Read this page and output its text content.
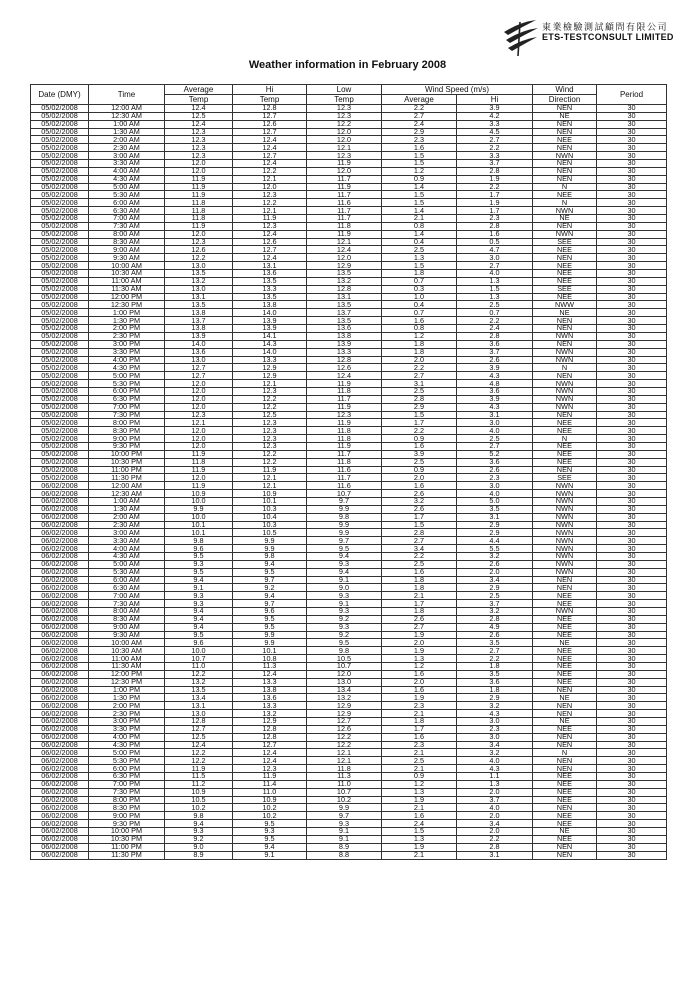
東業檢驗測試顧問有限公司
ETS-TESTCONSULT LIMITED
Weather information in February 2008
Date (DMY)	Time	Average	Hi	Low	Wind Speed (m/s)		Wind	Period
		Temp	Temp	Temp	Average	Hi	Direction	
05/02/2008	12:00 AM	12.4	12.8	12.3	2.2	3.9	NEN	30
05/02/2008	12:30 AM	12.5	12.7	12.3	2.7	4.2	NE	30
05/02/2008	1:00 AM	12.4	12.6	12.2	2.4	3.3	NEN	30
05/02/2008	1:30 AM	12.3	12.7	12.0	2.9	4.5	NEN	30
05/02/2008	2:00 AM	12.3	12.4	12.0	2.3	2.7	NEE	30
05/02/2008	2:30 AM	12.3	12.4	12.1	1.6	2.2	NEN	30
05/02/2008	3:00 AM	12.3	12.7	12.3	1.5	3.3	NWN	30
05/02/2008	3:30 AM	12.0	12.4	11.9	1.5	3.7	NEN	30
05/02/2008	4:00 AM	12.0	12.2	12.0	1.2	2.8	NEN	30
05/02/2008	4:30 AM	11.9	12.1	11.7	0.9	1.9	NEN	30
05/02/2008	5:00 AM	11.9	12.0	11.9	1.4	2.2	N	30
05/02/2008	5:30 AM	11.9	12.3	11.7	1.5	1.7	NEE	30
05/02/2008	6:00 AM	11.8	12.2	11.6	1.5	1.9	N	30
05/02/2008	6:30 AM	11.8	12.1	11.7	1.4	1.7	NWN	30
05/02/2008	7:00 AM	11.8	11.9	11.7	2.1	2.3	NE	30
05/02/2008	7:30 AM	11.9	12.3	11.8	0.8	2.8	NEN	30
05/02/2008	8:00 AM	12.0	12.4	11.9	1.4	1.6	NWN	30
05/02/2008	8:30 AM	12.3	12.6	12.1	0.4	0.5	SEE	30
05/02/2008	9:00 AM	12.6	12.7	12.4	2.5	4.7	NEE	30
05/02/2008	9:30 AM	12.2	12.4	12.0	1.3	3.0	NEN	30
05/02/2008	10:00 AM	13.0	13.1	12.9	1.5	2.7	NEE	30
05/02/2008	10:30 AM	13.5	13.6	13.5	1.8	4.0	NEE	30
05/02/2008	11:00 AM	13.2	13.5	13.2	0.7	1.3	NEE	30
05/02/2008	11:30 AM	13.0	13.3	12.8	0.3	1.5	SEE	30
05/02/2008	12:00 PM	13.1	13.5	13.1	1.0	1.3	NEE	30
05/02/2008	12:30 PM	13.5	13.8	13.5	0.4	2.5	NWW	30
05/02/2008	1:00 PM	13.8	14.0	13.7	0.7	0.7	NE	30
05/02/2008	1:30 PM	13.7	13.9	13.5	1.6	2.2	NEN	30
05/02/2008	2:00 PM	13.8	13.9	13.6	0.8	2.4	NEN	30
05/02/2008	2:30 PM	13.9	14.1	13.8	1.2	2.8	NWN	30
05/02/2008	3:00 PM	14.0	14.3	13.9	1.8	3.6	NEN	30
05/02/2008	3:30 PM	13.6	14.0	13.3	1.8	3.7	NWN	30
05/02/2008	4:00 PM	13.0	13.3	12.8	2.0	2.6	NWN	30
05/02/2008	4:30 PM	12.7	12.9	12.6	2.2	3.9	N	30
05/02/2008	5:00 PM	12.7	12.9	12.4	2.7	4.3	NEN	30
05/02/2008	5:30 PM	12.0	12.1	11.9	3.1	4.8	NWN	30
05/02/2008	6:00 PM	12.0	12.3	11.8	2.5	3.6	NWN	30
05/02/2008	6:30 PM	12.0	12.2	11.7	2.8	3.9	NWN	30
05/02/2008	7:00 PM	12.0	12.2	11.9	2.9	4.3	NWN	30
05/02/2008	7:30 PM	12.3	12.5	12.3	1.5	3.1	NEN	30
05/02/2008	8:00 PM	12.1	12.3	11.9	1.7	3.0	NEE	30
05/02/2008	8:30 PM	12.0	12.3	11.8	2.2	4.0	NEE	30
05/02/2008	9:00 PM	12.0	12.3	11.8	0.9	2.5	N	30
05/02/2008	9:30 PM	12.0	12.3	11.9	1.6	2.7	NEE	30
05/02/2008	10:00 PM	11.9	12.2	11.7	3.9	5.2	NEE	30
05/02/2008	10:30 PM	11.8	12.2	11.8	2.5	3.6	NEE	30
05/02/2008	11:00 PM	11.9	11.9	11.6	0.9	2.6	NEN	30
05/02/2008	11:30 PM	12.0	12.1	11.7	2.0	2.3	SEE	30
06/02/2008	12:00 AM	11.9	12.1	11.6	1.6	3.0	NWN	30
06/02/2008	12:30 AM	10.9	10.9	10.7	2.6	4.0	NWN	30
06/02/2008	1:00 AM	10.0	10.1	9.7	3.2	5.0	NWN	30
06/02/2008	1:30 AM	9.9	10.3	9.9	2.6	3.5	NWN	30
06/02/2008	2:00 AM	10.0	10.4	9.8	1.7	3.1	NWN	30
06/02/2008	2:30 AM	10.1	10.3	9.9	1.5	2.9	NWN	30
06/02/2008	3:00 AM	10.1	10.5	9.9	2.8	2.9	NWN	30
06/02/2008	3:30 AM	9.8	9.9	9.7	2.7	4.4	NWN	30
06/02/2008	4:00 AM	9.6	9.9	9.5	3.4	5.5	NWN	30
06/02/2008	4:30 AM	9.5	9.8	9.4	2.2	3.2	NWN	30
06/02/2008	5:00 AM	9.3	9.4	9.3	2.5	2.6	NWN	30
06/02/2008	5:30 AM	9.5	9.5	9.4	1.6	2.0	NWN	30
06/02/2008	6:00 AM	9.4	9.7	9.1	1.8	3.4	NEN	30
06/02/2008	6:30 AM	9.1	9.2	9.0	1.8	2.9	NEN	30
06/02/2008	7:00 AM	9.3	9.4	9.3	2.1	2.5	NEE	30
06/02/2008	7:30 AM	9.3	9.7	9.1	1.7	3.7	NEE	30
06/02/2008	8:00 AM	9.4	9.6	9.3	1.8	3.2	NWN	30
06/02/2008	8:30 AM	9.4	9.5	9.2	2.6	2.8	NEE	30
06/02/2008	9:00 AM	9.4	9.5	9.3	2.7	4.9	NEE	30
06/02/2008	9:30 AM	9.5	9.9	9.2	1.9	2.6	NEE	30
06/02/2008	10:00 AM	9.6	9.9	9.5	2.0	3.5	NE	30
06/02/2008	10:30 AM	10.0	10.1	9.8	1.9	2.7	NEE	30
06/02/2008	11:00 AM	10.7	10.8	10.5	1.3	2.2	NEE	30
06/02/2008	11:30 AM	11.0	11.3	10.7	1.2	1.8	NEE	30
06/02/2008	12:00 PM	12.2	12.4	12.0	1.6	3.5	NEE	30
06/02/2008	12:30 PM	13.2	13.3	13.0	2.0	3.6	NEE	30
06/02/2008	1:00 PM	13.5	13.8	13.4	1.6	1.8	NEN	30
06/02/2008	1:30 PM	13.4	13.6	13.2	1.9	2.9	NE	30
06/02/2008	2:00 PM	13.1	13.3	12.9	2.3	3.2	NEN	30
06/02/2008	2:30 PM	13.0	13.2	12.9	2.1	4.3	NEN	30
06/02/2008	3:00 PM	12.8	12.9	12.7	1.8	3.0	NE	30
06/02/2008	3:30 PM	12.7	12.8	12.6	1.7	2.3	NEE	30
06/02/2008	4:00 PM	12.5	12.8	12.2	1.6	3.0	NEN	30
06/02/2008	4:30 PM	12.4	12.7	12.2	2.3	3.4	NEN	30
06/02/2008	5:00 PM	12.2	12.4	12.1	2.1	3.2	N	30
06/02/2008	5:30 PM	12.2	12.4	12.1	2.5	4.0	NEN	30
06/02/2008	6:00 PM	11.9	12.3	11.8	2.1	4.3	NEN	30
06/02/2008	6:30 PM	11.5	11.9	11.3	0.9	1.1	NEE	30
06/02/2008	7:00 PM	11.2	11.4	11.0	1.2	1.3	NEE	30
06/02/2008	7:30 PM	10.9	11.0	10.7	1.3	2.0	NEE	30
06/02/2008	8:00 PM	10.5	10.9	10.2	1.9	3.7	NEE	30
06/02/2008	8:30 PM	10.2	10.2	9.9	2.1	4.0	NEN	30
06/02/2008	9:00 PM	9.8	10.2	9.7	1.6	2.0	NEE	30
06/02/2008	9:30 PM	9.4	9.5	9.3	2.4	3.4	NEE	30
06/02/2008	10:00 PM	9.3	9.3	9.1	1.5	2.0	NE	30
06/02/2008	10:30 PM	9.2	9.5	9.1	1.3	2.2	NEE	30
06/02/2008	11:00 PM	9.0	9.4	8.9	1.9	2.8	NEN	30
06/02/2008	11:30 PM	8.9	9.1	8.8	2.1	3.1	NEN	30
